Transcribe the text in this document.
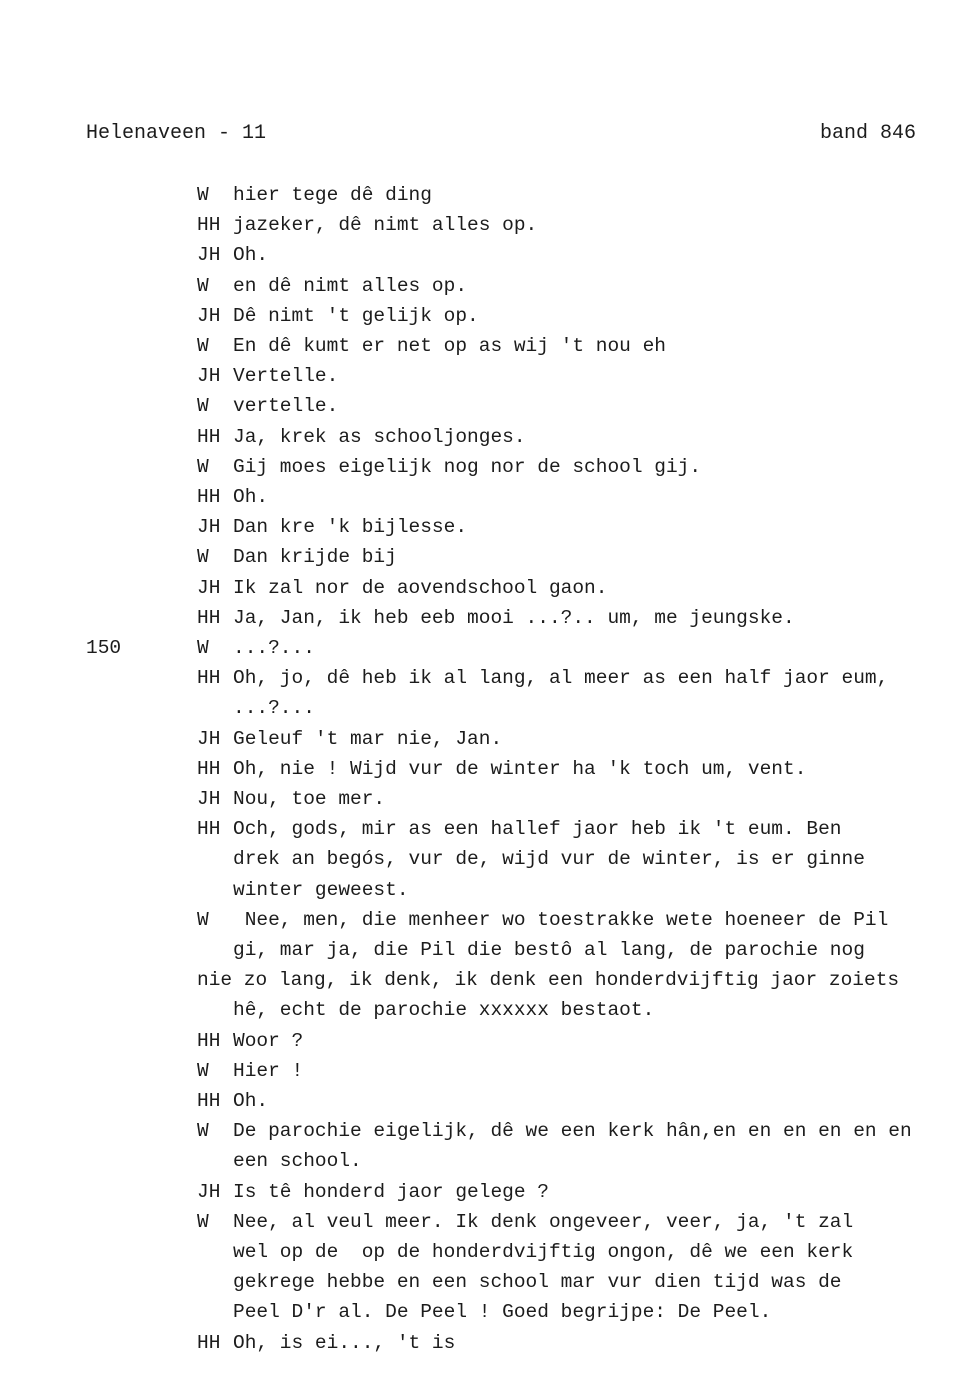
Helenaveen - 11	band 846
W hier tege dê ding
HH jazeker, dê nimt alles op.
JH Oh.
W en dê nimt alles op.
JH Dê nimt 't gelijk op.
W En dê kumt er net op as wij 't nou eh
JH Vertelle.
W vertelle.
HH Ja, krek as schooljonges.
W Gij moes eigelijk nog nor de school gij.
HH Oh.
JH Dan kre 'k bijlesse.
W Dan krijde bij
JH Ik zal nor de aovendschool gaon.
HH Ja, Jan, ik heb eeb mooi ...?.. um, me jeungske.
W ...?...
150
HH Oh, jo, dê heb ik al lang, al meer as een half jaor eum,
...?...
JH Geleuf 't mar nie, Jan.
HH Oh, nie ! Wijd vur de winter ha 'k toch um, vent.
JH Nou, toe mer.
HH Och, gods, mir as een hallef jaor heb ik 't eum. Ben
drek an begós, vur de, wijd vur de winter, is er ginne
winter geweest.
W Nee, men, die menheer wo toestrakke wete hoeneer de Pil
gi, mar ja, die Pil die bestô al lang, de parochie nog
nie zo lang, ik denk, ik denk een honderdvijftig jaor zoiets
hê, echt de parochie xxxxxx bestaot.
HH Woor ?
W Hier !
HH Oh.
W De parochie eigelijk, dê we een kerk hân,en en en en en en
een school.
JH Is tê honderd jaor gelege ?
W Nee, al veul meer. Ik denk ongeveer, veer, ja, 't zal
wel op de  op de honderdvijftig ongon, dê we een kerk
gekrege hebbe en een school mar vur dien tijd was de
Peel D'r al. De Peel ! Goed begrijpe: De Peel.
HH Oh, is ei..., 't is
